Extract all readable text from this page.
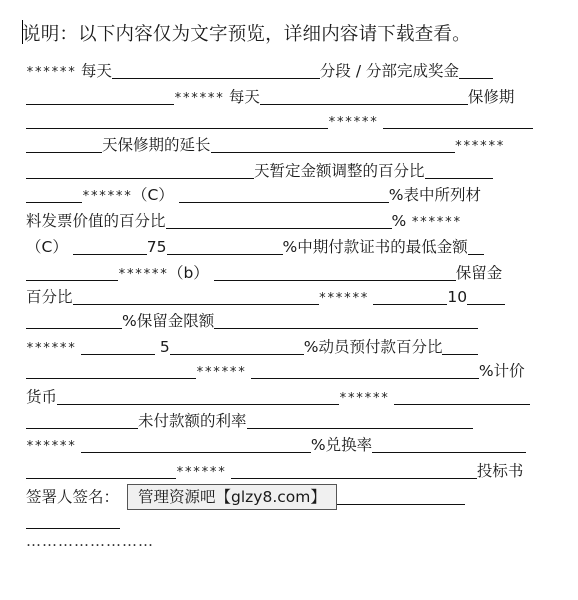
说明：以下内容仅为文字预览，详细内容请下载查看。
****** 每天	分段 / 分部完成奖金
****** 每天	保修期
******
天保修期的延长	******
天暂定金额调整的百分比
******（C）	%表中所列材
料发票价值的百分比	% ******
（C）	75	%中期付款证书的最低金额
******（b）	保留金
百分比	******	10
%保留金限额
******	5	%动员预付款百分比
******	%计价
货币	******
未付款额的利率
******	%兑换率
******	投标书
签署人签名： 管理资源吧【glzy8.com】
……………………
